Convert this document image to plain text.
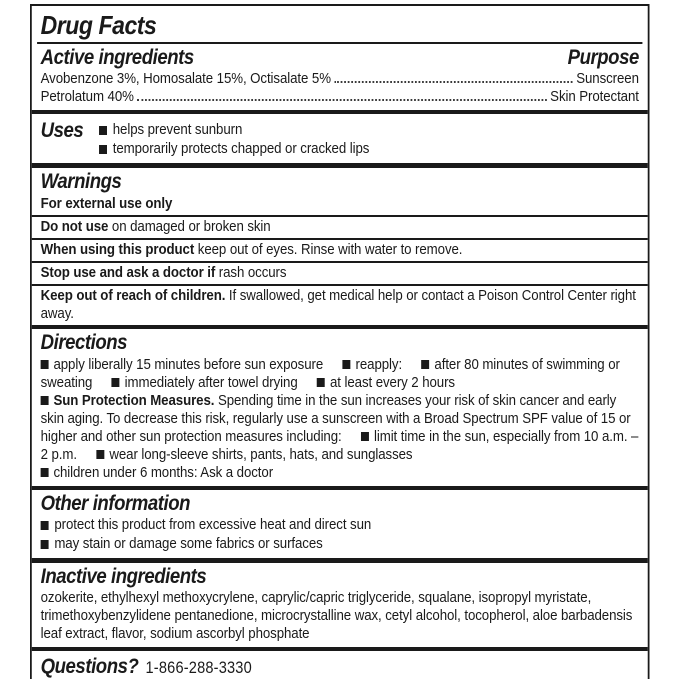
Drug Facts
Active ingredients	Purpose
Avobenzone 3%, Homosalate 15%, Octisalate 5%	Sunscreen
Petrolatum 40%	Skin Protectant
Uses	helps prevent sunburn
temporarily protects chapped or cracked lips
Warnings
For external use only
Do not use on damaged or broken skin
When using this product keep out of eyes. Rinse with water to remove.
Stop use and ask a doctor if rash occurs
Keep out of reach of children. If swallowed, get medical help or contact a Poison Control Center right away.
Directions
apply liberally 15 minutes before sun exposure reapply: after 80 minutes of swimming or sweating immediately after towel drying at least every 2 hours
Sun Protection Measures. Spending time in the sun increases your risk of skin cancer and early skin aging. To decrease this risk, regularly use a sunscreen with a Broad Spectrum SPF value of 15 or higher and other sun protection measures including: limit time in the sun, especially from 10 a.m. – 2 p.m. wear long-sleeve shirts, pants, hats, and sunglasses
children under 6 months: Ask a doctor
Other information
protect this product from excessive heat and direct sun
may stain or damage some fabrics or surfaces
Inactive ingredients
ozokerite, ethylhexyl methoxycrylene, caprylic/capric triglyceride, squalane, isopropyl myristate, trimethoxybenzylidene pentanedione, microcrystalline wax, cetyl alcohol, tocopherol, aloe barbadensis leaf extract, flavor, sodium ascorbyl phosphate
Questions? 1-866-288-3330
